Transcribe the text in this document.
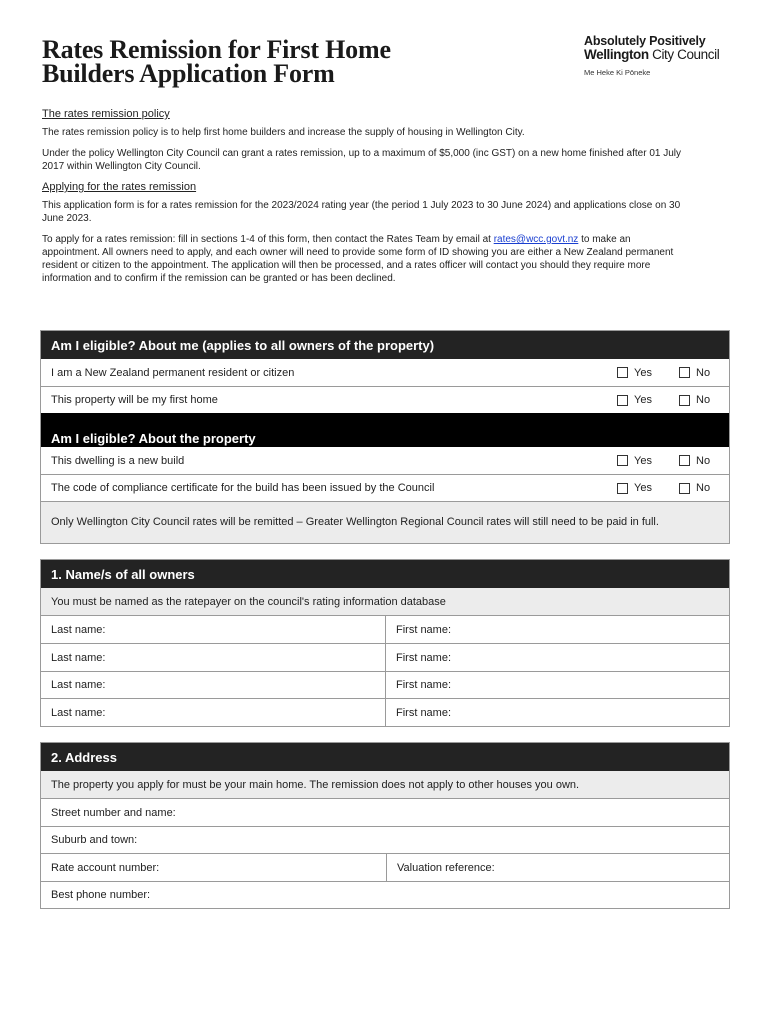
Rates Remission for First Home
Builders Application Form
Absolutely Positively
Wellington City Council
Me Heke Ki Pōneke
The rates remission policy

The rates remission policy is to help first home builders and increase the supply of housing in Wellington City.

Under the policy Wellington City Council can grant a rates remission, up to a maximum of $5,000 (inc GST) on a new home finished after 01 July 2017 within Wellington City Council.

Applying for the rates remission

This application form is for a rates remission for the 2023/2024 rating year (the period 1 July 2023 to 30 June 2024) and applications close on 30 June 2023.

To apply for a rates remission: fill in sections 1-4 of this form, then contact the Rates Team by email at rates@wcc.govt.nz to make an appointment. All owners need to apply, and each owner will need to provide some form of ID showing you are either a New Zealand permanent resident or citizen to the appointment. The application will then be processed, and a rates officer will contact you should they require more information and to confirm if the remission can be granted or has been declined.

Am I eligible? About me (applies to all owners of the property)
I am a New Zealand permanent resident or citizen	Yes	No
This property will be my first home	Yes	No
Am I eligible? About the property
This dwelling is a new build	Yes	No
The code of compliance certificate for the build has been issued by the Council	Yes	No
Only Wellington City Council rates will be remitted – Greater Wellington Regional Council rates will still need to be paid in full.
1. Name/s of all owners
You must be named as the ratepayer on the council's rating information database
Last name:	First name:
Last name:	First name:
Last name:	First name:
Last name:	First name:
2. Address
The property you apply for must be your main home. The remission does not apply to other houses you own.
Street number and name:
Suburb and town:
Rate account number:	Valuation reference:
Best phone number:
